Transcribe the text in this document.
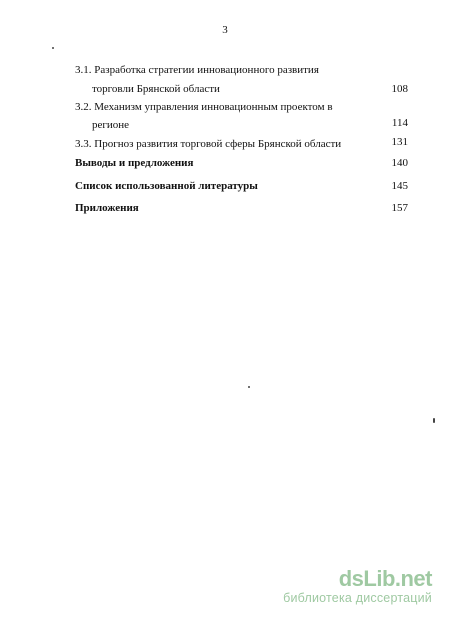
3
3.1. Разработка стратегии инновационного развития
торговли Брянской области	108
3.2. Механизм управления инновационным проектом в
регионе	114
3.3. Прогноз развития торговой сферы Брянской области	131
Выводы и предложения	140
Список использованной литературы	145
Приложения	157
dsLib.net
библиотека диссертаций
